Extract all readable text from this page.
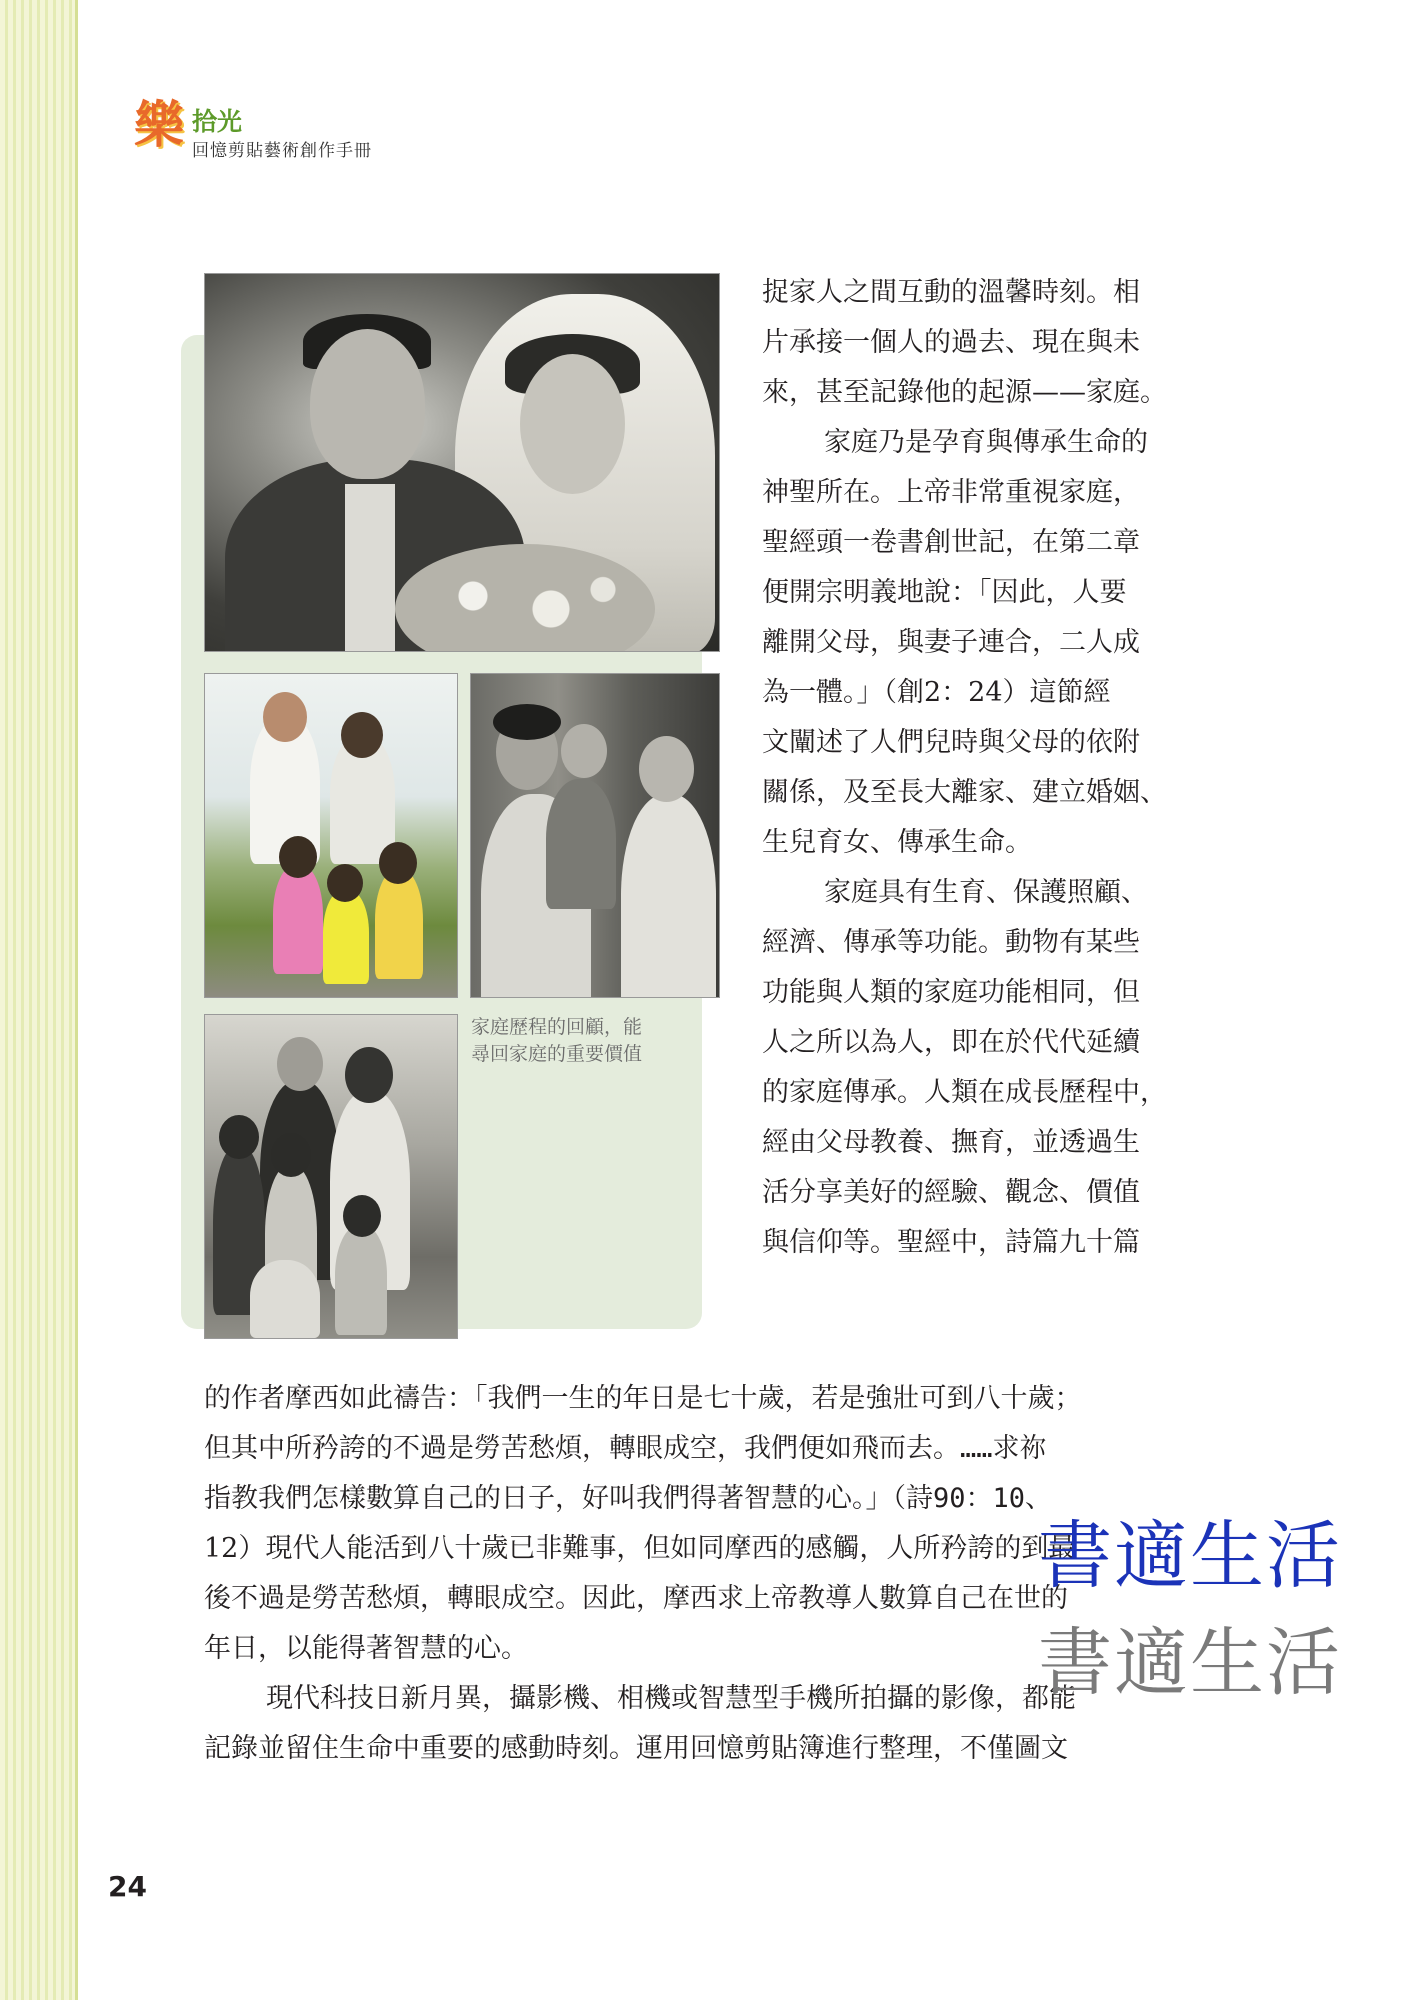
樂 拾光
回憶剪貼藝術創作手冊
家庭歷程的回顧，能
尋回家庭的重要價值
捉家人之間互動的溫馨時刻。相
片承接一個人的過去、現在與未
來，甚至記錄他的起源——家庭。
家庭乃是孕育與傳承生命的
神聖所在。上帝非常重視家庭，
聖經頭一卷書創世記，在第二章
便開宗明義地說：「因此，人要
離開父母，與妻子連合，二人成
為一體。」（創2：24）這節經
文闡述了人們兒時與父母的依附
關係，及至長大離家、建立婚姻、
生兒育女、傳承生命。
家庭具有生育、保護照顧、
經濟、傳承等功能。動物有某些
功能與人類的家庭功能相同，但
人之所以為人，即在於代代延續
的家庭傳承。人類在成長歷程中，
經由父母教養、撫育，並透過生
活分享美好的經驗、觀念、價值
與信仰等。聖經中，詩篇九十篇
的作者摩西如此禱告：「我們一生的年日是七十歲，若是強壯可到八十歲；
但其中所矜誇的不過是勞苦愁煩，轉眼成空，我們便如飛而去。……求祢
指教我們怎樣數算自己的日子，好叫我們得著智慧的心。」（詩90：10、
12）現代人能活到八十歲已非難事，但如同摩西的感觸，人所矜誇的到最
後不過是勞苦愁煩，轉眼成空。因此，摩西求上帝教導人數算自己在世的
年日，以能得著智慧的心。
現代科技日新月異，攝影機、相機或智慧型手機所拍攝的影像，都能
記錄並留住生命中重要的感動時刻。運用回憶剪貼簿進行整理，不僅圖文
書適生活
書適生活
24
